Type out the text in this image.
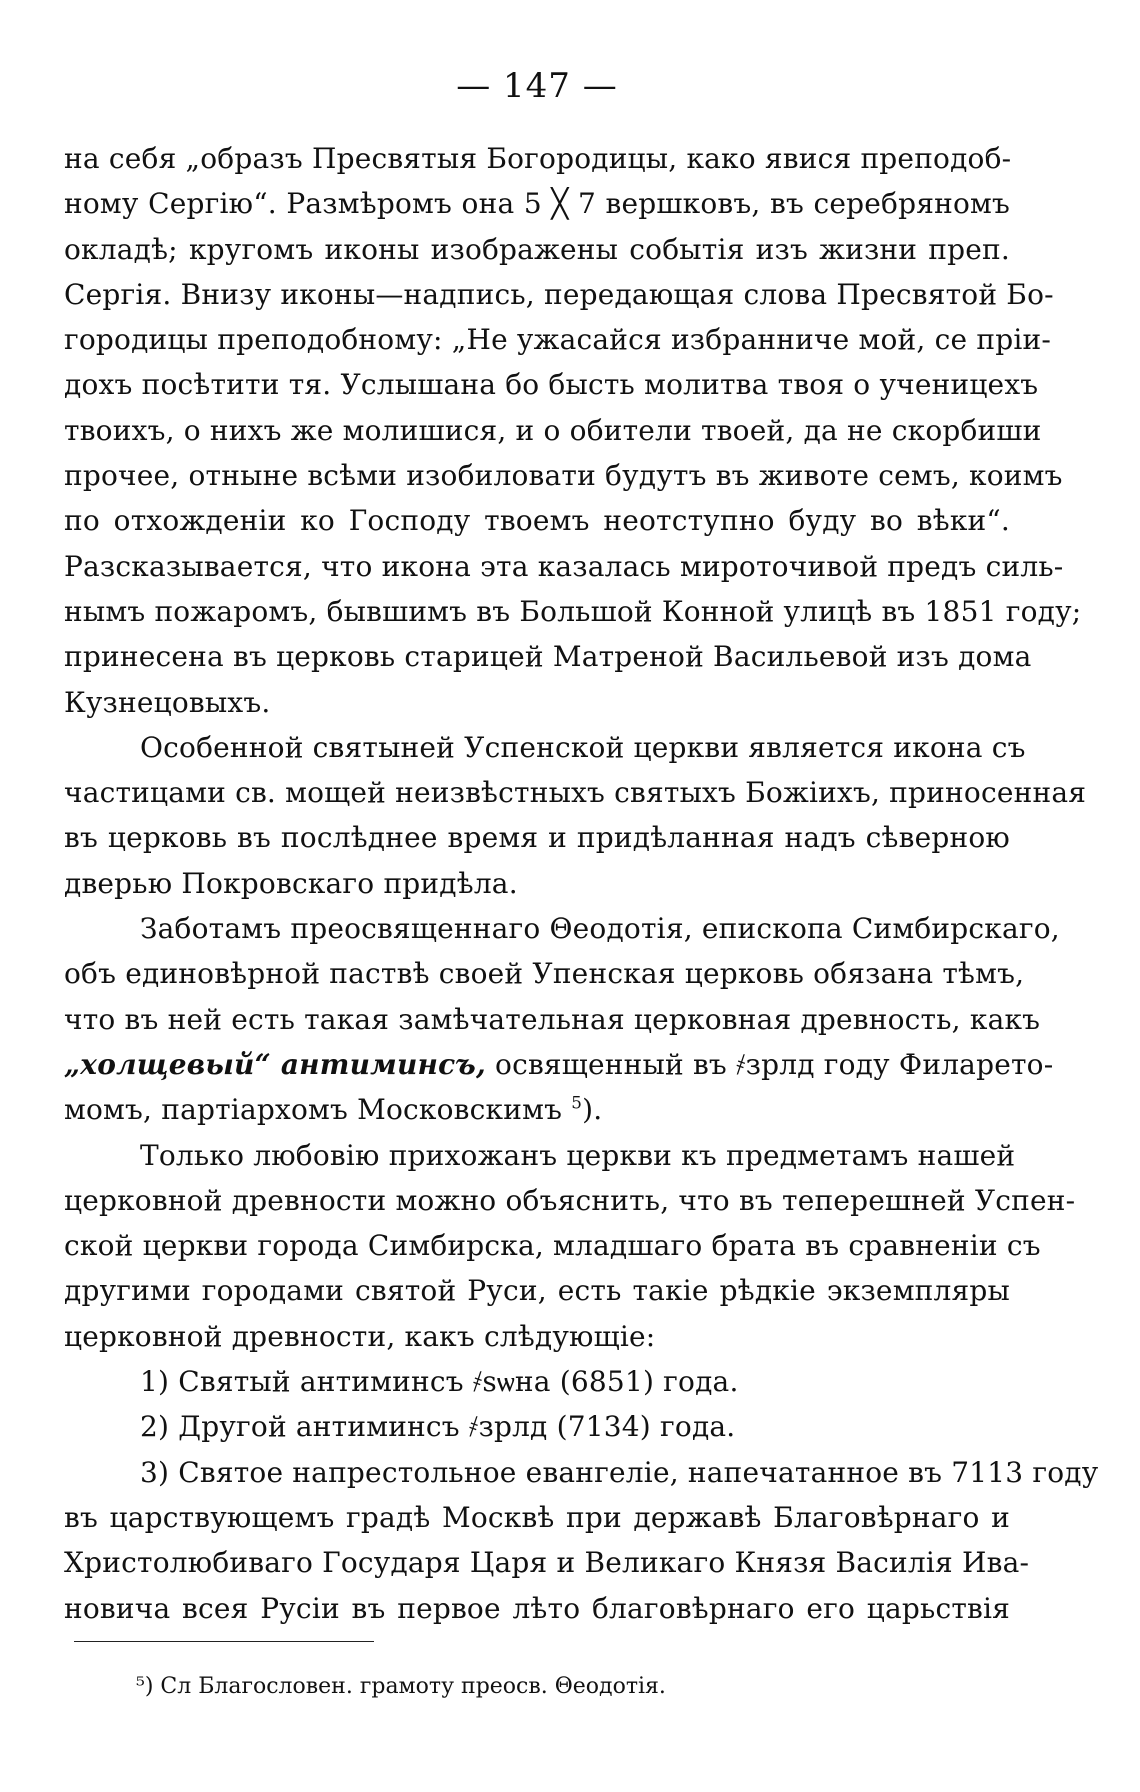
— 147 —
на себя „образъ Пресвятыя Богородицы, како явися преподоб-
ному Сергію“. Размѣромъ она 5 ╳ 7 вершковъ, въ серебряномъ
окладѣ; кругомъ иконы изображены событія изъ жизни преп.
Сергія. Внизу иконы—надпись, передающая слова Пресвятой Бо-
городицы преподобному: „Не ужасайся избранниче мой, се пріи-
дохъ посѣтити тя. Услышана бо бысть молитва твоя о ученицехъ
твоихъ, о нихъ же молишися, и о обители твоей, да не скорбиши
прочее, отныне всѣми изобиловати будутъ въ животе семъ, коимъ
по отхожденіи ко Господу твоемъ неотступно буду во вѣки“.
Разсказывается, что икона эта казалась мироточивой предъ силь-
нымъ пожаромъ, бывшимъ въ Большой Конной улицѣ въ 1851 году;
принесена въ церковь старицей Матреной Васильевой изъ дома
Кузнецовыхъ.
Особенной святыней Успенской церкви является икона съ
частицами св. мощей неизвѣстныхъ святыхъ Божіихъ, приносенная
въ церковь въ послѣднее время и придѣланная надъ сѣверною
дверью Покровскаго придѣла.
Заботамъ преосвященнаго Θеодотія, епископа Симбирскаго,
объ единовѣрной паствѣ своей Упенская церковь обязана тѣмъ,
что въ ней есть такая замѣчательная церковная древность, какъ
„холщевый“ антиминсъ, освященный въ ҂зрлд году Филарето-
момъ, партіархомъ Московскимъ $^5$).
Только любовію прихожанъ церкви къ предметамъ нашей
церковной древности можно объяснить, что въ теперешней Успен-
ской церкви города Симбирска, младшаго брата въ сравненіи съ
другими городами святой Руси, есть такіе рѣдкіе экземпляры
церковной древности, какъ слѣдующіе:
1) Святый антиминсъ ҂ѕѡна (6851) года.
2) Другой антиминсъ ҂зрлд (7134) года.
3) Святое напрестольное евангеліе, напечатанное въ 7113 году
въ царствующемъ градѣ Москвѣ при державѣ Благовѣрнаго и
Христолюбиваго Государя Царя и Великаго Князя Василія Ива-
новича всея Русіи въ первое лѣто благовѣрнаго его царьствія
⁵) Сл Благословен. грамоту преосв. Θеодотія.
